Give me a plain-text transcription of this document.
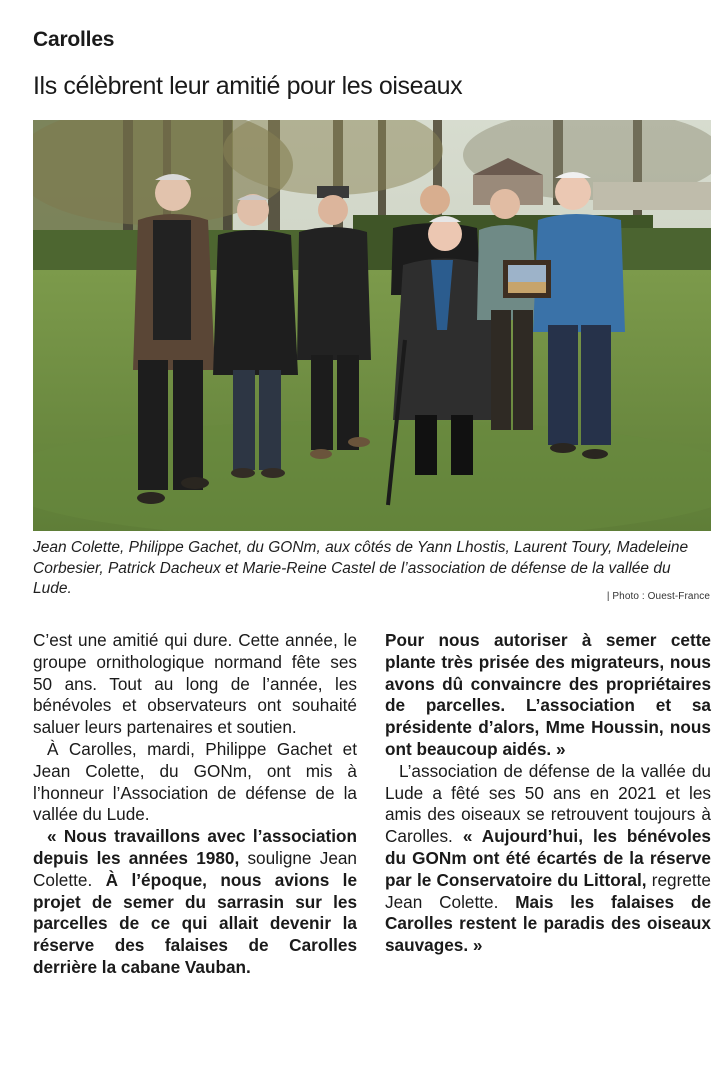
Carolles
Ils célèbrent leur amitié pour les oiseaux
Jean Colette, Philippe Gachet, du GONm, aux côtés de Yann Lhostis, Laurent Toury, Madeleine Corbesier, Patrick Dacheux et Marie-Reine Castel de l’association de défense de la vallée du Lude.	| Photo : Ouest-France

C’est une amitié qui dure. Cette année, le groupe ornithologique normand fête ses 50 ans. Tout au long de l’année, les bénévoles et observateurs ont souhaité saluer leurs partenaires et soutien.

À Carolles, mardi, Philippe Gachet et Jean Colette, du GONm, ont mis à l’honneur l’Association de défense de la vallée du Lude.

« Nous travaillons avec l’association depuis les années 1980, souligne Jean Colette. À l’époque, nous avions le projet de semer du sarrasin sur les parcelles de ce qui allait devenir la réserve des falaises de Carolles derrière la cabane Vauban.

Pour nous autoriser à semer cette plante très prisée des migrateurs, nous avons dû convaincre des propriétaires de parcelles. L’association et sa présidente d’alors, Mme Houssin, nous ont beaucoup aidés. »

L’association de défense de la vallée du Lude a fêté ses 50 ans en 2021 et les amis des oiseaux se retrouvent toujours à Carolles. « Aujourd’hui, les bénévoles du GONm ont été écartés de la réserve par le Conservatoire du Littoral, regrette Jean Colette. Mais les falaises de Carolles restent le paradis des oiseaux sauvages. »
